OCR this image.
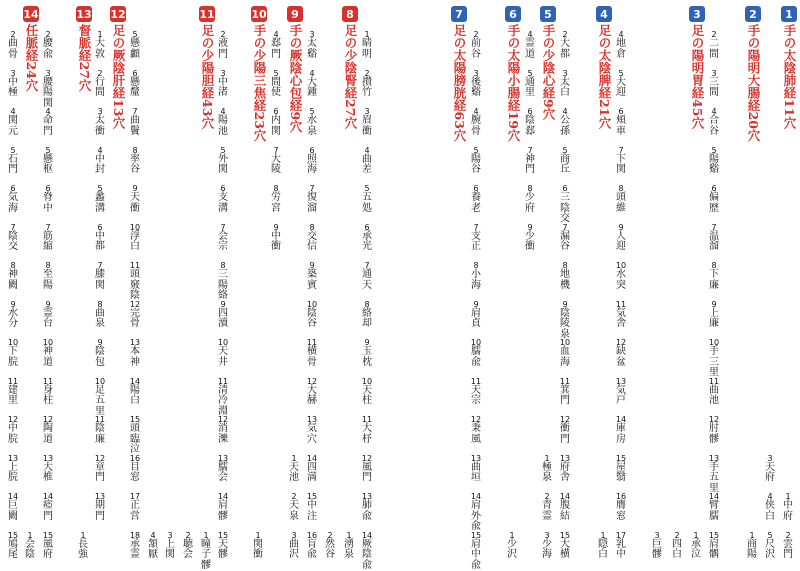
1
手の太陰肺経11穴
1
中
府
2
雲
門
3
天
府
4
侠
白
5
尺
沢
2
手の陽明大腸経20穴
1
商
陽
2
二
間
3
三
間
4
合
谷
5
陽
谿
6
偏
歴
7
温
溜
8
下
廉
9
上
廉
10
手
三
里
11
曲
池
12
肘
髎
13
手
五
里
14
臂
臑
15
肩
髃
3
足の陽明胃経45穴
1
承
泣
2
四
白
3
巨
髎
4
地
倉
5
大
迎
6
頬
車
7
下
関
8
頭
維
9
人
迎
10
水
突
11
気
舎
12
缺
盆
13
気
戸
14
庫
房
15
屋
翳
16
膺
窓
17
乳
中
4
足の太陰脾経21穴
1
隠
白
2
大
都
3
太
白
4
公
孫
5
商
丘
6
三
陰
交
7
漏
谷
8
地
機
9
陰
陵
泉
10
血
海
11
箕
門
12
衝
門
13
府
舎
14
腹
結
15
大
横
5
手の少陰心経9穴
1
極
泉
2
青
霊
3
少
海
4
霊
道
5
通
里
6
陰
郄
7
神
門
8
少
府
9
少
衝
6
手の太陽小腸経19穴
1
少
沢
2
前
谷
3
後
谿
4
腕
骨
5
陽
谷
6
養
老
7
支
正
8
小
海
9
肩
貞
10
臑
兪
11
天
宗
12
秉
風
13
曲
垣
14
肩
外
兪
15
肩
中
兪
7
足の太陽膀胱経63穴
1
睛
明
2
攅
竹
3
眉
衝
4
曲
差
5
五
処
6
承
光
7
通
天
8
絡
却
9
玉
枕
10
天
柱
11
大
杼
12
風
門
13
肺
兪
14
厥
陰
兪
8
足の少陰腎経27穴
1
湧
泉
2
然
谷
3
太
谿
4
大
鍾
5
水
泉
6
照
海
7
復
溜
8
交
信
9
築
賓
10
陰
谷
11
横
骨
12
大
赫
13
気
穴
14
四
満
15
中
注
16
肓
兪
9
手の厥陰心包経9穴
1
天
池
2
天
泉
3
曲
沢
4
郄
門
5
間
使
6
内
関
7
大
陵
8
労
宮
9
中
衝
10
手の少陽三焦経23穴
1
関
衝
2
液
門
3
中
渚
4
陽
池
5
外
関
6
支
溝
7
会
宗
8
三
陽
絡
9
四
瀆
10
天
井
11
清
冷
淵
12
消
濼
13
臑
会
14
肩
髎
15
天
髎
11
足の少陽胆経43穴
1
瞳
子
髎
2
聴
会
3
上
関
4
頷
厭
5
懸
顱
6
懸
釐
7
曲
鬢
8
率
谷
9
天
衝
10
浮
白
11
頭
竅
陰
12
完
骨
13
本
神
14
陽
白
15
頭
臨
泣
16
目
窓
17
正
営
18
承
霊
12
足の厥陰肝経13穴
1
大
敦
2
行
間
3
太
衝
4
中
封
5
蠡
溝
6
中
都
7
膝
関
8
曲
泉
9
陰
包
10
足
五
里
11
陰
廉
12
章
門
13
期
門
13
督脈経27穴
1
長
強
2
腰
兪
3
腰
陽
関
4
命
門
5
懸
枢
6
脊
中
7
筋
縮
8
至
陽
9
霊
台
10
神
道
11
身
柱
12
陶
道
13
大
椎
14
瘂
門
15
風
府
14
任脈経24穴
1
会
陰
2
曲
骨
3
中
極
4
関
元
5
石
門
6
気
海
7
陰
交
8
神
闕
9
水
分
10
下
脘
11
建
里
12
中
脘
13
上
脘
14
巨
闕
15
鳩
尾
